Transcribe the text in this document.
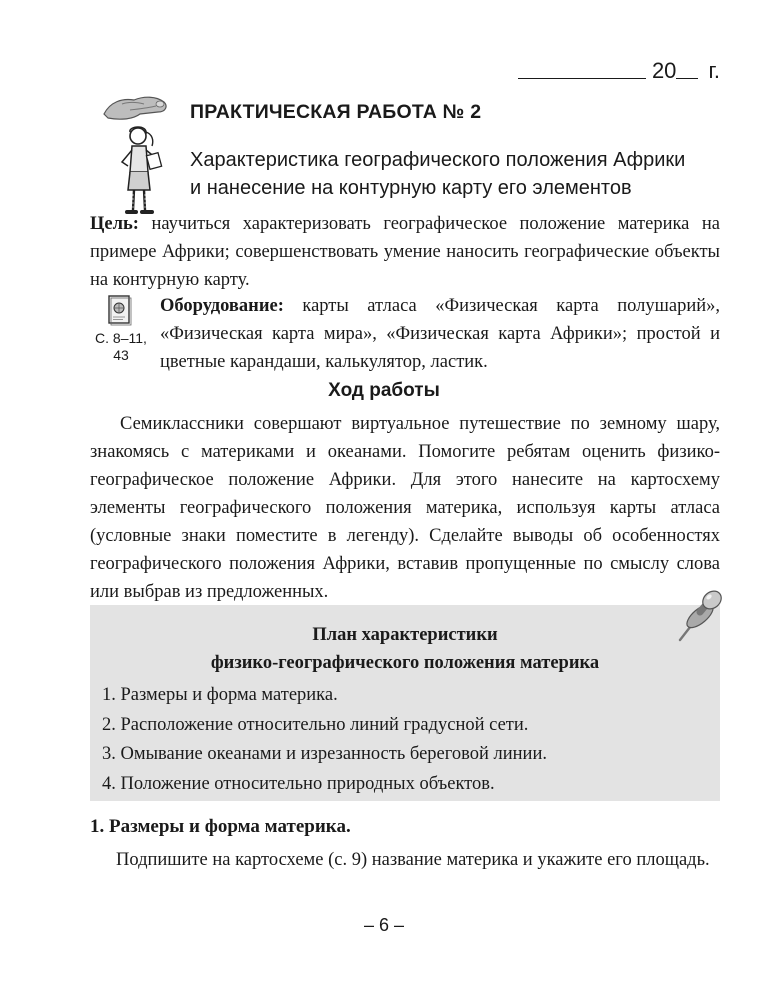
20 г.
ПРАКТИЧЕСКАЯ РАБОТА № 2
Характеристика географического положения Африки
и нанесение на контурную карту его элементов
Цель: научиться характеризовать географическое положение материка на примере Африки; совершенствовать умение наносить географические объекты на контурную карту.
С. 8–11,
43
Оборудование: карты атласа «Физическая карта полушарий», «Физическая карта мира», «Физическая карта Африки»; простой и цветные карандаши, калькулятор, ластик.
Ход работы

Семиклассники совершают виртуальное путешествие по земному шару, знакомясь с материками и океанами. Помогите ребятам оценить физико-географическое положение Африки. Для этого нанесите на картосхему элементы географического положения материка, используя карты атласа (условные знаки поместите в легенду). Сделайте выводы об особенностях географического положения Африки, вставив пропущенные по смыслу слова или выбрав из предложенных.

План характеристики
физико-географического положения материка
1. Размеры и форма материка.
2. Расположение относительно линий градусной сети.
3. Омывание океанами и изрезанность береговой линии.
4. Положение относительно природных объектов.
1. Размеры и форма материка.
Подпишите на картосхеме (с. 9) название материка и укажите его площадь.
– 6 –
